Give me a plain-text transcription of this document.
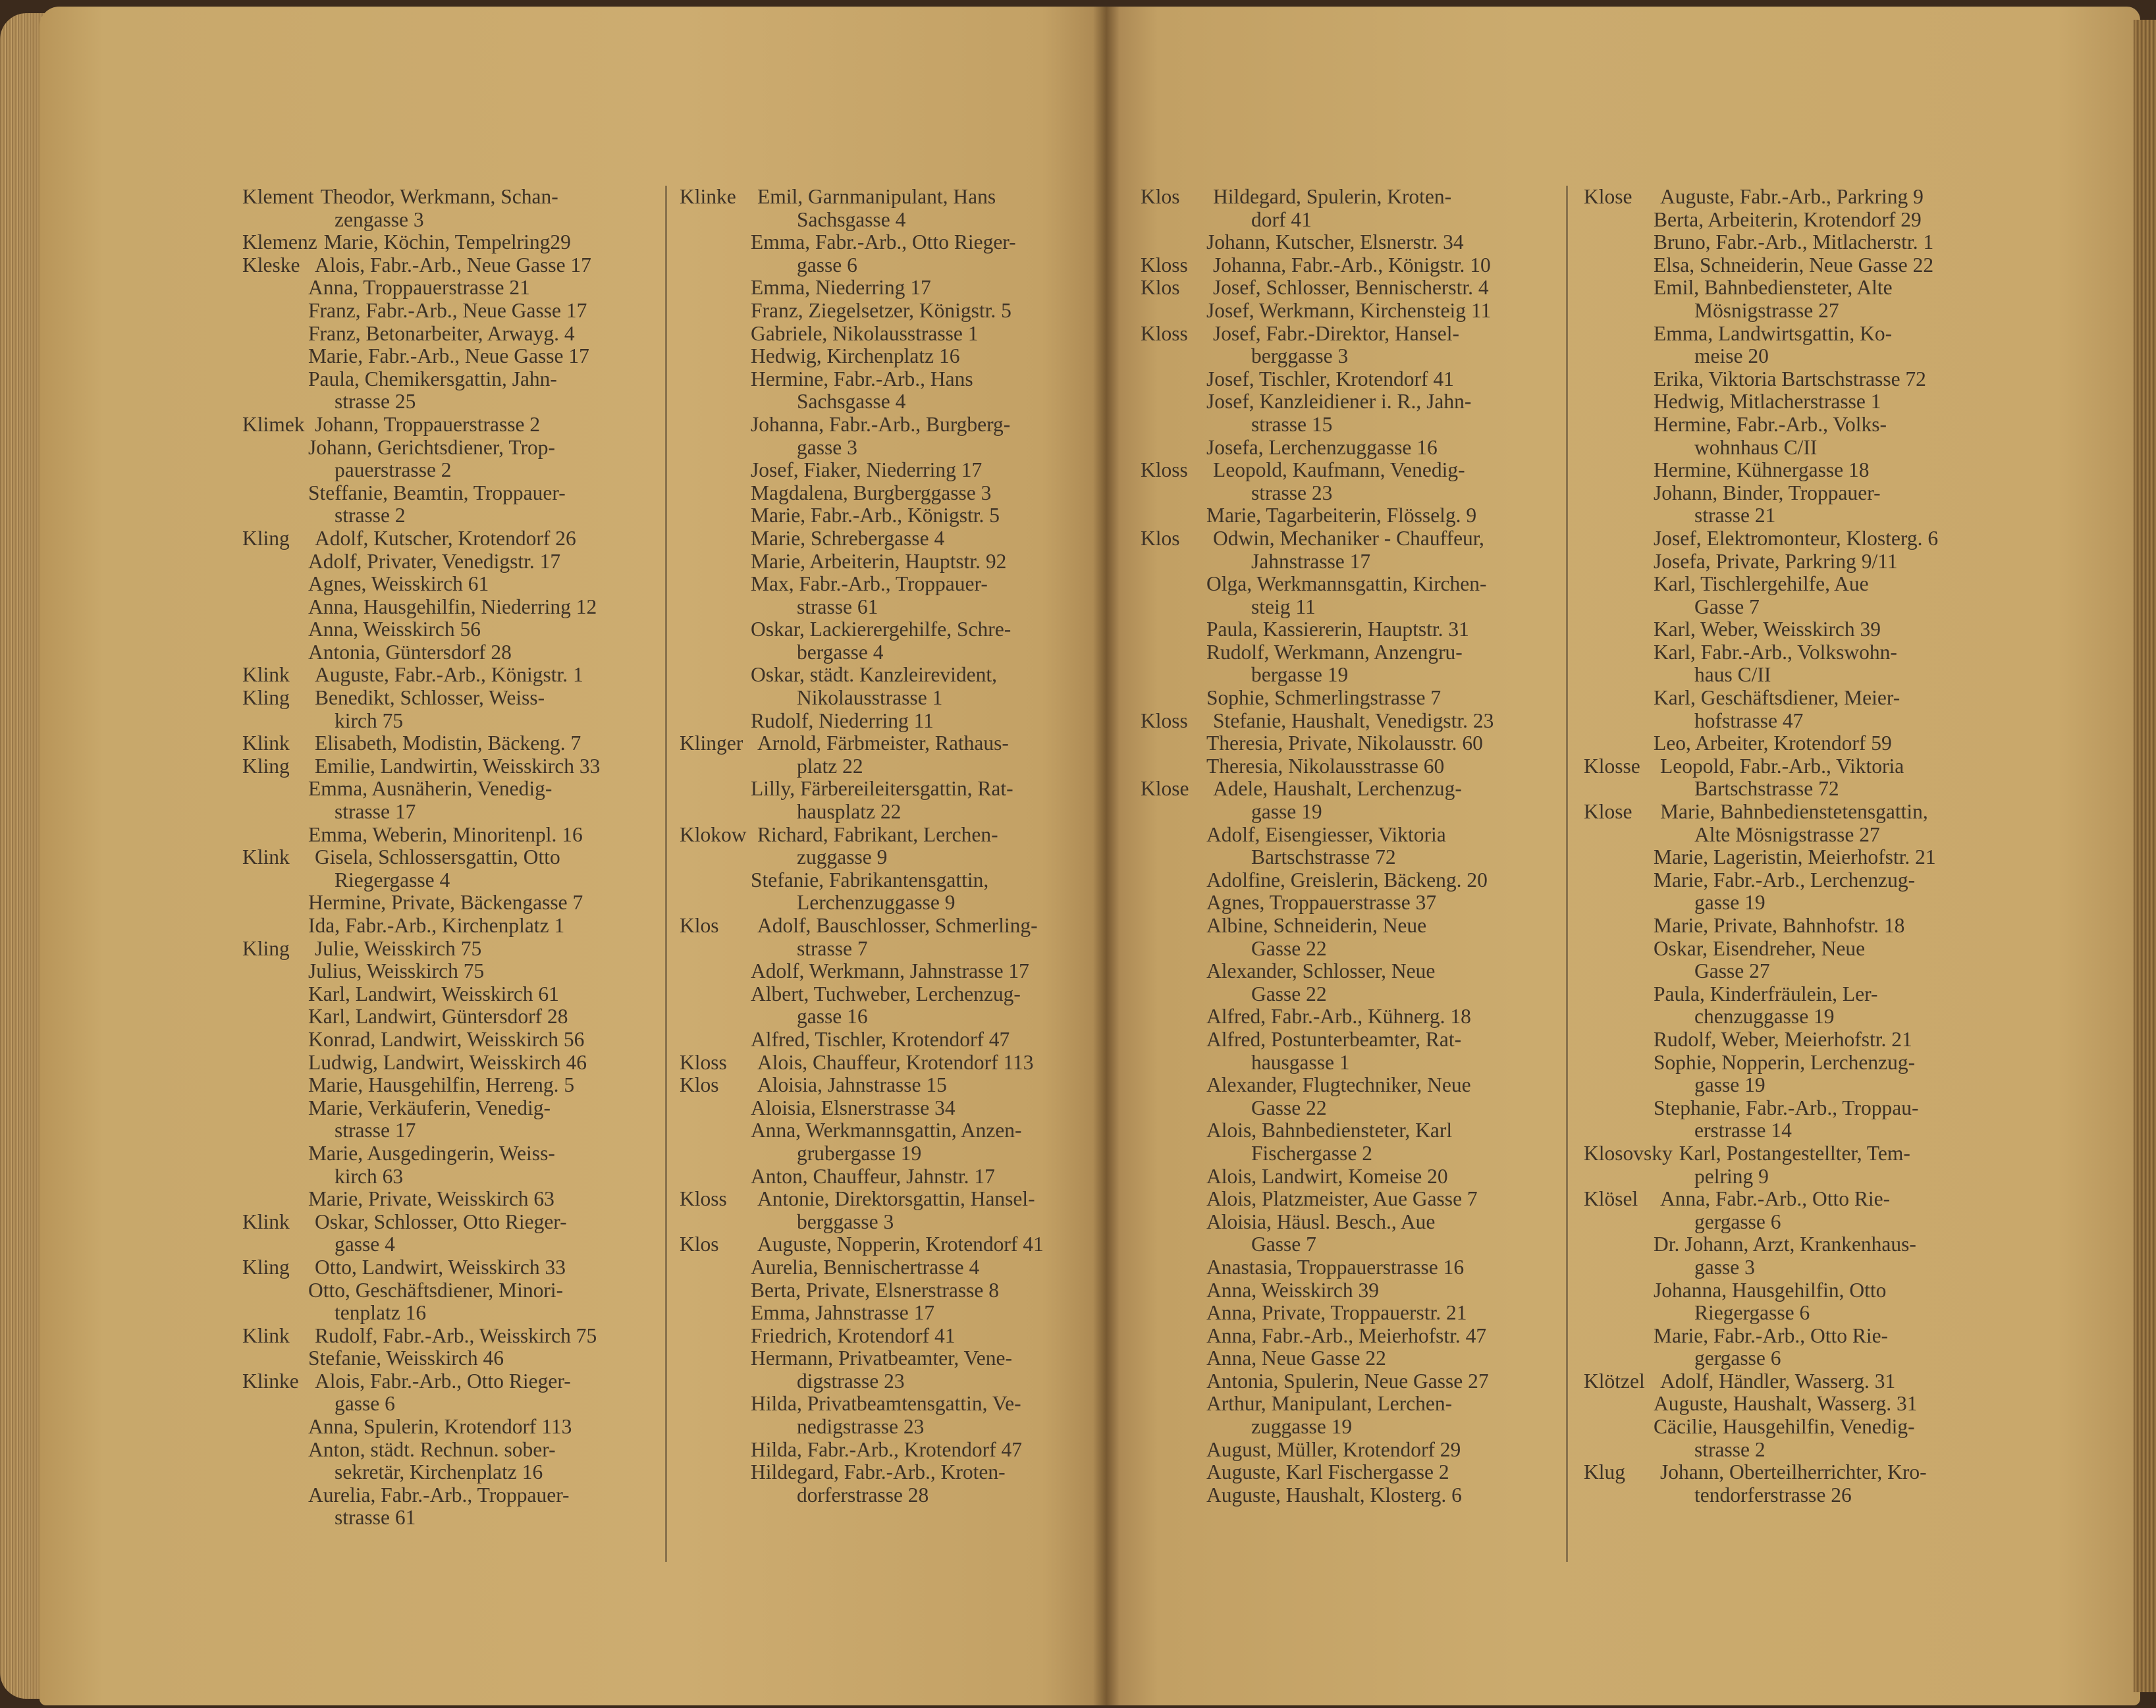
Klement Theodor, Werkmann, Schan-
zengasse 3
Klemenz Marie, Köchin, Tempelring29
Kleske Alois, Fabr.-Arb., Neue Gasse 17
Anna, Troppauerstrasse 21
Franz, Fabr.-Arb., Neue Gasse 17
Franz, Betonarbeiter, Arwayg. 4
Marie, Fabr.-Arb., Neue Gasse 17
Paula, Chemikersgattin, Jahn-
strasse 25
Klimek Johann, Troppauerstrasse 2
Johann, Gerichtsdiener, Trop-
pauerstrasse 2
Steffanie, Beamtin, Troppauer-
strasse 2
Kling Adolf, Kutscher, Krotendorf 26
Adolf, Privater, Venedigstr. 17
Agnes, Weisskirch 61
Anna, Hausgehilfin, Niederring 12
Anna, Weisskirch 56
Antonia, Güntersdorf 28
Klink Auguste, Fabr.-Arb., Königstr. 1
Kling Benedikt, Schlosser, Weiss-
kirch 75
Klink Elisabeth, Modistin, Bäckeng. 7
Kling Emilie, Landwirtin, Weisskirch 33
Emma, Ausnäherin, Venedig-
strasse 17
Emma, Weberin, Minoritenpl. 16
Klink Gisela, Schlossersgattin, Otto
Riegergasse 4
Hermine, Private, Bäckengasse 7
Ida, Fabr.-Arb., Kirchenplatz 1
Kling Julie, Weisskirch 75
Julius, Weisskirch 75
Karl, Landwirt, Weisskirch 61
Karl, Landwirt, Güntersdorf 28
Konrad, Landwirt, Weisskirch 56
Ludwig, Landwirt, Weisskirch 46
Marie, Hausgehilfin, Herreng. 5
Marie, Verkäuferin, Venedig-
strasse 17
Marie, Ausgedingerin, Weiss-
kirch 63
Marie, Private, Weisskirch 63
Klink Oskar, Schlosser, Otto Rieger-
gasse 4
Kling Otto, Landwirt, Weisskirch 33
Otto, Geschäftsdiener, Minori-
tenplatz 16
Klink Rudolf, Fabr.-Arb., Weisskirch 75
Stefanie, Weisskirch 46
Klinke Alois, Fabr.-Arb., Otto Rieger-
gasse 6
Anna, Spulerin, Krotendorf 113
Anton, städt. Rechnun. sober-
sekretär, Kirchenplatz 16
Aurelia, Fabr.-Arb., Troppauer-
strasse 61
Klinke Emil, Garnmanipulant, Hans
Sachsgasse 4
Emma, Fabr.-Arb., Otto Rieger-
gasse 6
Emma, Niederring 17
Franz, Ziegelsetzer, Königstr. 5
Gabriele, Nikolausstrasse 1
Hedwig, Kirchenplatz 16
Hermine, Fabr.-Arb., Hans
Sachsgasse 4
Johanna, Fabr.-Arb., Burgberg-
gasse 3
Josef, Fiaker, Niederring 17
Magdalena, Burgberggasse 3
Marie, Fabr.-Arb., Königstr. 5
Marie, Schrebergasse 4
Marie, Arbeiterin, Hauptstr. 92
Max, Fabr.-Arb., Troppauer-
strasse 61
Oskar, Lackierergehilfe, Schre-
bergasse 4
Oskar, städt. Kanzleirevident,
Nikolausstrasse 1
Rudolf, Niederring 11
Klinger Arnold, Färbmeister, Rathaus-
platz 22
Lilly, Färbereileitersgattin, Rat-
hausplatz 22
Klokow Richard, Fabrikant, Lerchen-
zuggasse 9
Stefanie, Fabrikantensgattin,
Lerchenzuggasse 9
Klos Adolf, Bauschlosser, Schmerling-
strasse 7
Adolf, Werkmann, Jahnstrasse 17
Albert, Tuchweber, Lerchenzug-
gasse 16
Alfred, Tischler, Krotendorf 47
Kloss Alois, Chauffeur, Krotendorf 113
Klos Aloisia, Jahnstrasse 15
Aloisia, Elsnerstrasse 34
Anna, Werkmannsgattin, Anzen-
grubergasse 19
Anton, Chauffeur, Jahnstr. 17
Kloss Antonie, Direktorsgattin, Hansel-
berggasse 3
Klos Auguste, Nopperin, Krotendorf 41
Aurelia, Bennischertrasse 4
Berta, Private, Elsnerstrasse 8
Emma, Jahnstrasse 17
Friedrich, Krotendorf 41
Hermann, Privatbeamter, Vene-
digstrasse 23
Hilda, Privatbeamtensgattin, Ve-
nedigstrasse 23
Hilda, Fabr.-Arb., Krotendorf 47
Hildegard, Fabr.-Arb., Kroten-
dorferstrasse 28
Klos Hildegard, Spulerin, Kroten-
dorf 41
Johann, Kutscher, Elsnerstr. 34
Kloss Johanna, Fabr.-Arb., Königstr. 10
Klos Josef, Schlosser, Bennischerstr. 4
Josef, Werkmann, Kirchensteig 11
Kloss Josef, Fabr.-Direktor, Hansel-
berggasse 3
Josef, Tischler, Krotendorf 41
Josef, Kanzleidiener i. R., Jahn-
strasse 15
Josefa, Lerchenzuggasse 16
Kloss Leopold, Kaufmann, Venedig-
strasse 23
Marie, Tagarbeiterin, Flösselg. 9
Klos Odwin, Mechaniker - Chauffeur,
Jahnstrasse 17
Olga, Werkmannsgattin, Kirchen-
steig 11
Paula, Kassiererin, Hauptstr. 31
Rudolf, Werkmann, Anzengru-
bergasse 19
Sophie, Schmerlingstrasse 7
Kloss Stefanie, Haushalt, Venedigstr. 23
Theresia, Private, Nikolausstr. 60
Theresia, Nikolausstrasse 60
Klose Adele, Haushalt, Lerchenzug-
gasse 19
Adolf, Eisengiesser, Viktoria
Bartschstrasse 72
Adolfine, Greislerin, Bäckeng. 20
Agnes, Troppauerstrasse 37
Albine, Schneiderin, Neue
Gasse 22
Alexander, Schlosser, Neue
Gasse 22
Alfred, Fabr.-Arb., Kühnerg. 18
Alfred, Postunterbeamter, Rat-
hausgasse 1
Alexander, Flugtechniker, Neue
Gasse 22
Alois, Bahnbediensteter, Karl
Fischergasse 2
Alois, Landwirt, Komeise 20
Alois, Platzmeister, Aue Gasse 7
Aloisia, Häusl. Besch., Aue
Gasse 7
Anastasia, Troppauerstrasse 16
Anna, Weisskirch 39
Anna, Private, Troppauerstr. 21
Anna, Fabr.-Arb., Meierhofstr. 47
Anna, Neue Gasse 22
Antonia, Spulerin, Neue Gasse 27
Arthur, Manipulant, Lerchen-
zuggasse 19
August, Müller, Krotendorf 29
Auguste, Karl Fischergasse 2
Auguste, Haushalt, Klosterg. 6
Klose Auguste, Fabr.-Arb., Parkring 9
Berta, Arbeiterin, Krotendorf 29
Bruno, Fabr.-Arb., Mitlacherstr. 1
Elsa, Schneiderin, Neue Gasse 22
Emil, Bahnbediensteter, Alte
Mösnigstrasse 27
Emma, Landwirtsgattin, Ko-
meise 20
Erika, Viktoria Bartschstrasse 72
Hedwig, Mitlacherstrasse 1
Hermine, Fabr.-Arb., Volks-
wohnhaus C/II
Hermine, Kühnergasse 18
Johann, Binder, Troppauer-
strasse 21
Josef, Elektromonteur, Klosterg. 6
Josefa, Private, Parkring 9/11
Karl, Tischlergehilfe, Aue
Gasse 7
Karl, Weber, Weisskirch 39
Karl, Fabr.-Arb., Volkswohn-
haus C/II
Karl, Geschäftsdiener, Meier-
hofstrasse 47
Leo, Arbeiter, Krotendorf 59
Klosse Leopold, Fabr.-Arb., Viktoria
Bartschstrasse 72
Klose Marie, Bahnbedienstetensgattin,
Alte Mösnigstrasse 27
Marie, Lageristin, Meierhofstr. 21
Marie, Fabr.-Arb., Lerchenzug-
gasse 19
Marie, Private, Bahnhofstr. 18
Oskar, Eisendreher, Neue
Gasse 27
Paula, Kinderfräulein, Ler-
chenzuggasse 19
Rudolf, Weber, Meierhofstr. 21
Sophie, Nopperin, Lerchenzug-
gasse 19
Stephanie, Fabr.-Arb., Troppau-
erstrasse 14
Klosovsky Karl, Postangestellter, Tem-
pelring 9
Klösel Anna, Fabr.-Arb., Otto Rie-
gergasse 6
Dr. Johann, Arzt, Krankenhaus-
gasse 3
Johanna, Hausgehilfin, Otto
Riegergasse 6
Marie, Fabr.-Arb., Otto Rie-
gergasse 6
Klötzel Adolf, Händler, Wasserg. 31
Auguste, Haushalt, Wasserg. 31
Cäcilie, Hausgehilfin, Venedig-
strasse 2
Klug Johann, Oberteilherrichter, Kro-
tendorferstrasse 26
